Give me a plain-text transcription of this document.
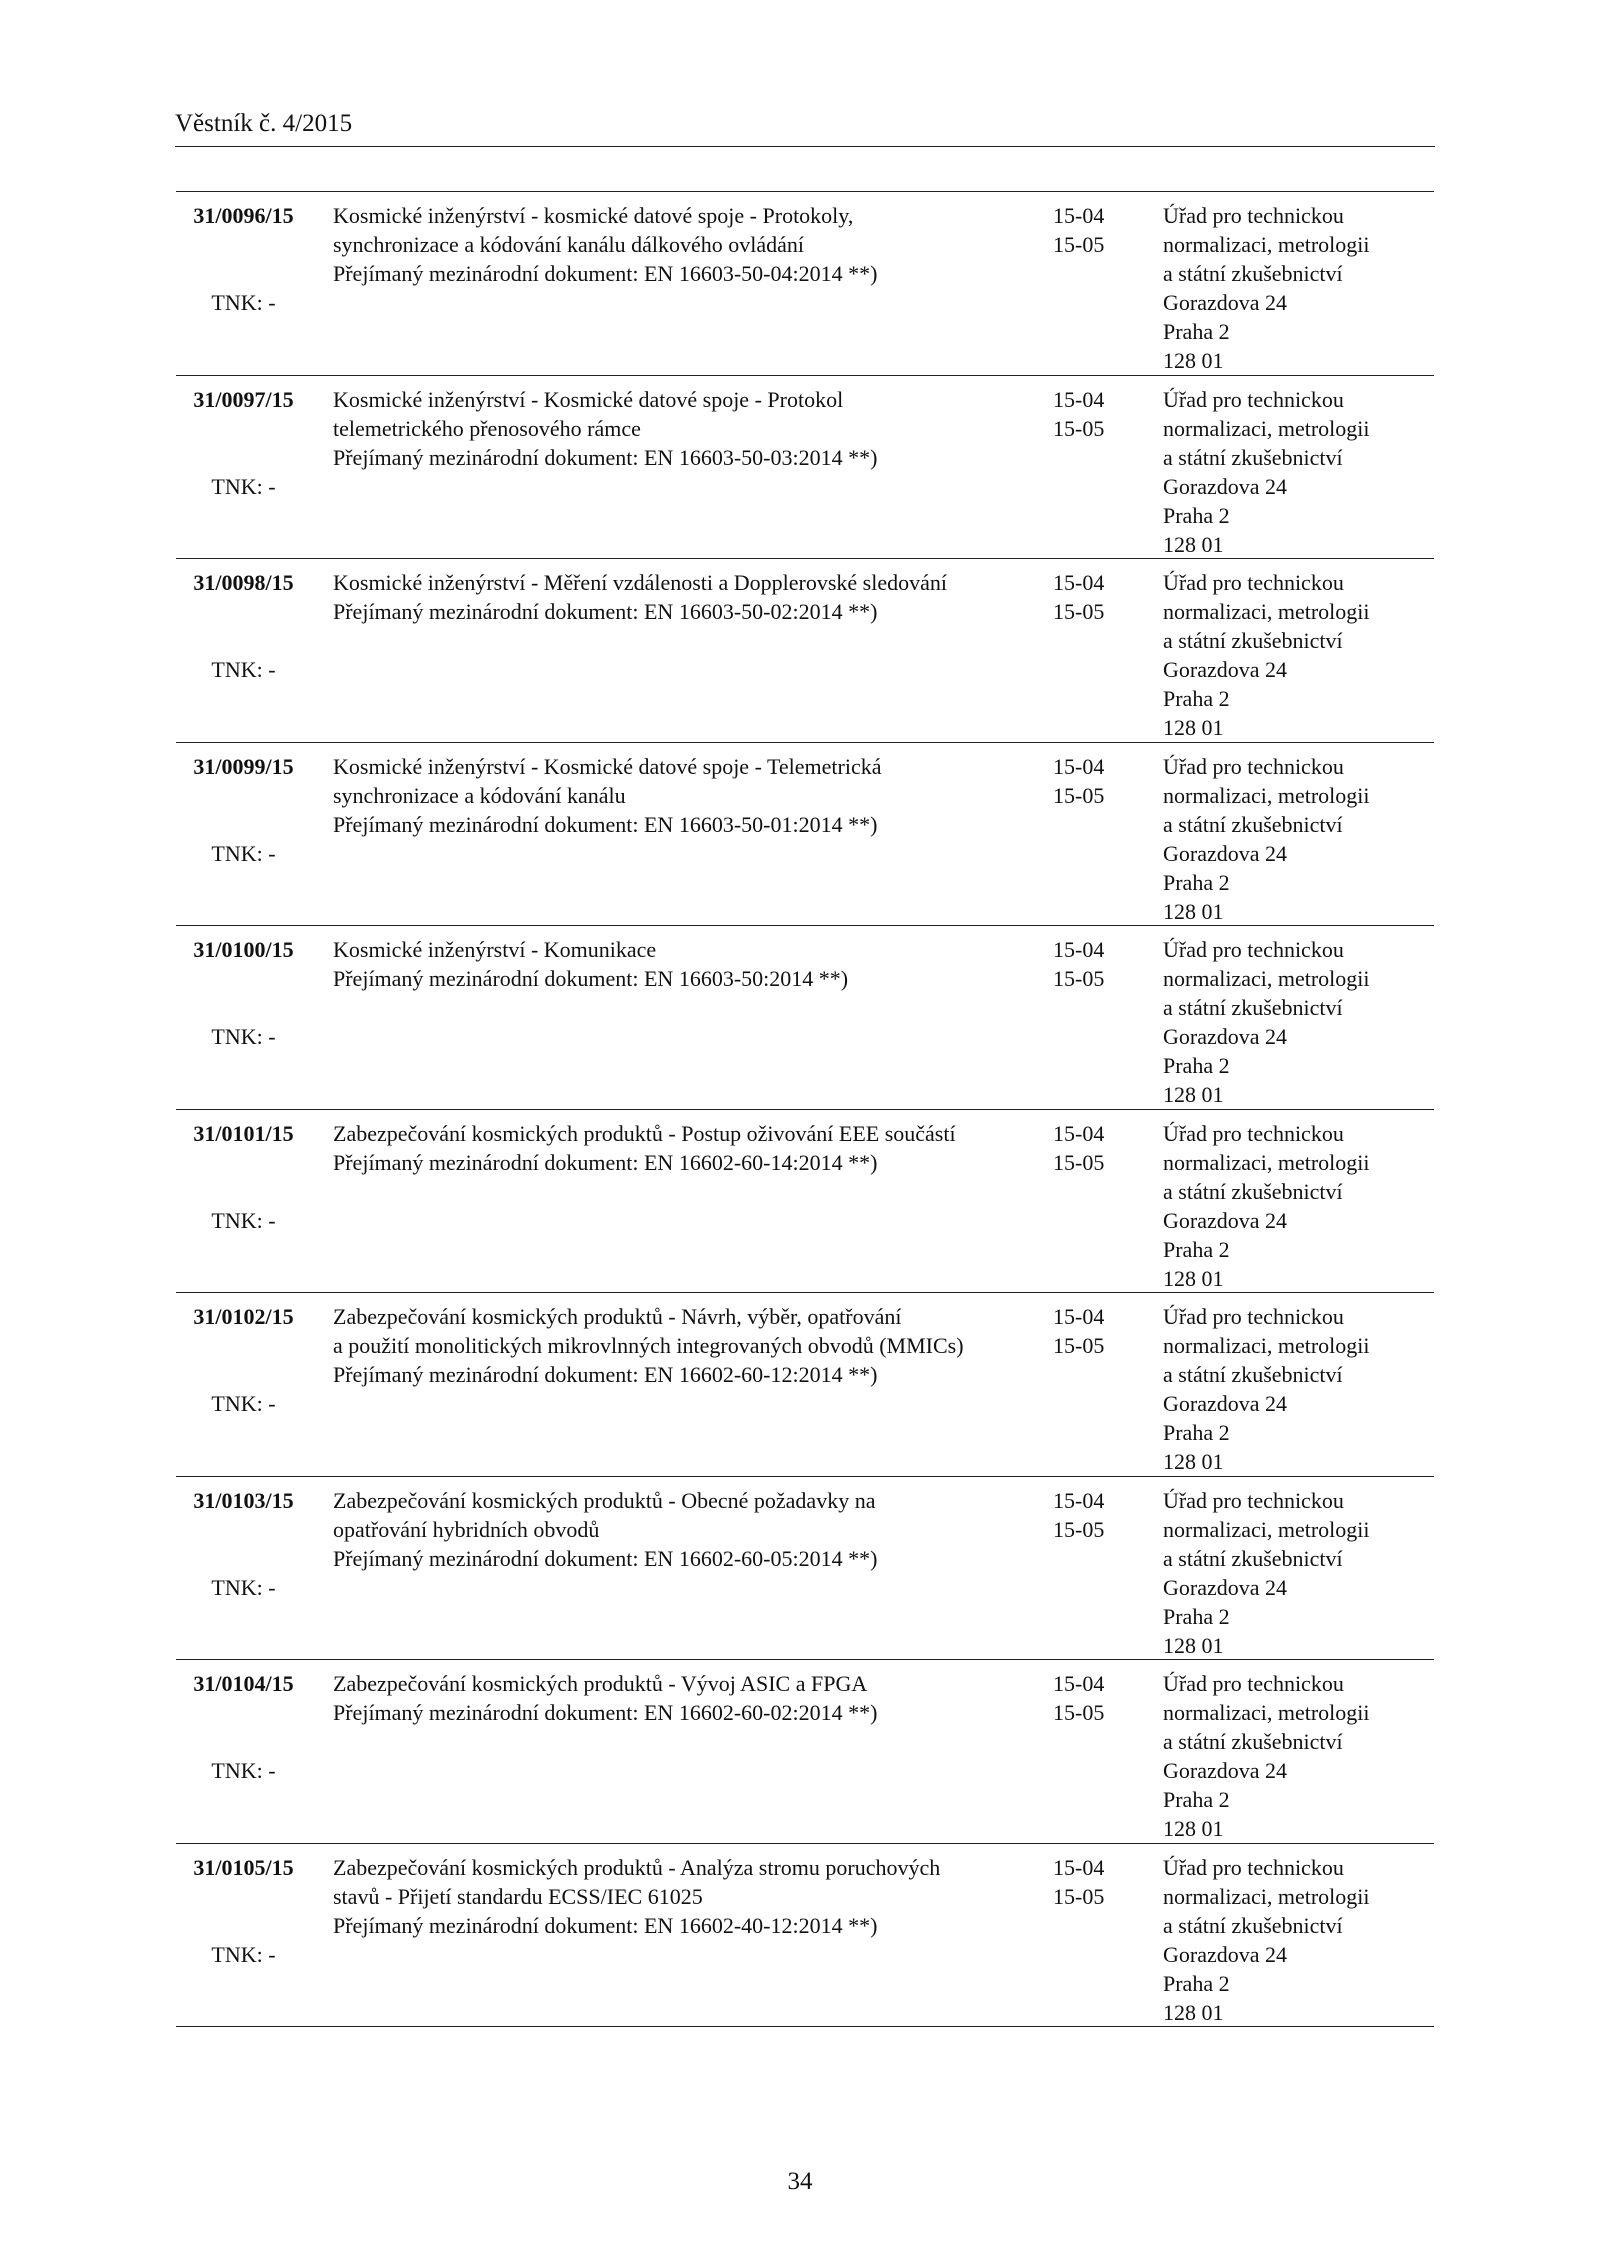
Věstník č. 4/2015
31/0096/15
TNK: -
Kosmické inženýrství - kosmické datové spoje - Protokoly,
synchronizace a kódování kanálu dálkového ovládání
Přejímaný mezinárodní dokument: EN 16603-50-04:2014 **)
15-04
15-05
Úřad pro technickou
normalizaci, metrologii
a státní zkušebnictví
Gorazdova 24
Praha 2
128 01
31/0097/15
TNK: -
Kosmické inženýrství - Kosmické datové spoje - Protokol
telemetrického přenosového rámce
Přejímaný mezinárodní dokument: EN 16603-50-03:2014 **)
15-04
15-05
Úřad pro technickou
normalizaci, metrologii
a státní zkušebnictví
Gorazdova 24
Praha 2
128 01
31/0098/15
TNK: -
Kosmické inženýrství - Měření vzdálenosti a Dopplerovské sledování
Přejímaný mezinárodní dokument: EN 16603-50-02:2014 **)
15-04
15-05
Úřad pro technickou
normalizaci, metrologii
a státní zkušebnictví
Gorazdova 24
Praha 2
128 01
31/0099/15
TNK: -
Kosmické inženýrství - Kosmické datové spoje - Telemetrická
synchronizace a kódování kanálu
Přejímaný mezinárodní dokument: EN 16603-50-01:2014 **)
15-04
15-05
Úřad pro technickou
normalizaci, metrologii
a státní zkušebnictví
Gorazdova 24
Praha 2
128 01
31/0100/15
TNK: -
Kosmické inženýrství - Komunikace
Přejímaný mezinárodní dokument: EN 16603-50:2014 **)
15-04
15-05
Úřad pro technickou
normalizaci, metrologii
a státní zkušebnictví
Gorazdova 24
Praha 2
128 01
31/0101/15
TNK: -
Zabezpečování kosmických produktů - Postup oživování EEE součástí
Přejímaný mezinárodní dokument: EN 16602-60-14:2014 **)
15-04
15-05
Úřad pro technickou
normalizaci, metrologii
a státní zkušebnictví
Gorazdova 24
Praha 2
128 01
31/0102/15
TNK: -
Zabezpečování kosmických produktů - Návrh, výběr, opatřování
a použití monolitických mikrovlnných integrovaných obvodů (MMICs)
Přejímaný mezinárodní dokument: EN 16602-60-12:2014 **)
15-04
15-05
Úřad pro technickou
normalizaci, metrologii
a státní zkušebnictví
Gorazdova 24
Praha 2
128 01
31/0103/15
TNK: -
Zabezpečování kosmických produktů - Obecné požadavky na
opatřování hybridních obvodů
Přejímaný mezinárodní dokument: EN 16602-60-05:2014 **)
15-04
15-05
Úřad pro technickou
normalizaci, metrologii
a státní zkušebnictví
Gorazdova 24
Praha 2
128 01
31/0104/15
TNK: -
Zabezpečování kosmických produktů - Vývoj ASIC a FPGA
Přejímaný mezinárodní dokument: EN 16602-60-02:2014 **)
15-04
15-05
Úřad pro technickou
normalizaci, metrologii
a státní zkušebnictví
Gorazdova 24
Praha 2
128 01
31/0105/15
TNK: -
Zabezpečování kosmických produktů - Analýza stromu poruchových
stavů - Přijetí standardu ECSS/IEC 61025
Přejímaný mezinárodní dokument: EN 16602-40-12:2014 **)
15-04
15-05
Úřad pro technickou
normalizaci, metrologii
a státní zkušebnictví
Gorazdova 24
Praha 2
128 01
34
